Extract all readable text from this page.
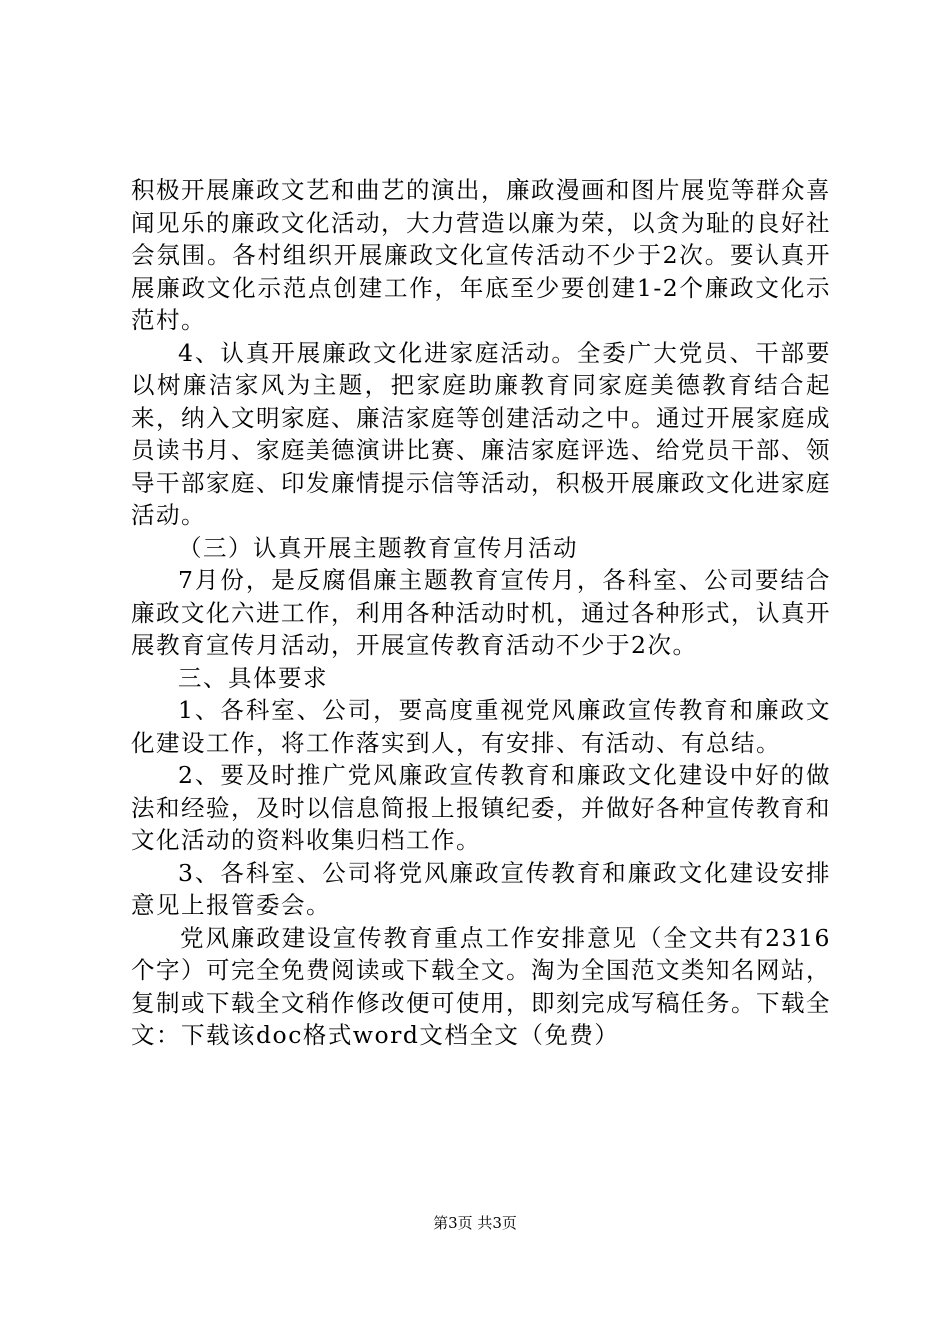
积极开展廉政文艺和曲艺的演出，廉政漫画和图片展览等群众喜闻见乐的廉政文化活动，大力营造以廉为荣，以贪为耻的良好社会氛围。各村组织开展廉政文化宣传活动不少于2次。要认真开展廉政文化示范点创建工作，年底至少要创建1-2个廉政文化示范村。

4、认真开展廉政文化进家庭活动。全委广大党员、干部要以树廉洁家风为主题，把家庭助廉教育同家庭美德教育结合起来，纳入文明家庭、廉洁家庭等创建活动之中。通过开展家庭成员读书月、家庭美德演讲比赛、廉洁家庭评选、给党员干部、领导干部家庭、印发廉情提示信等活动，积极开展廉政文化进家庭活动。

（三）认真开展主题教育宣传月活动

7月份，是反腐倡廉主题教育宣传月，各科室、公司要结合廉政文化六进工作，利用各种活动时机，通过各种形式，认真开展教育宣传月活动，开展宣传教育活动不少于2次。

三、具体要求

1、各科室、公司，要高度重视党风廉政宣传教育和廉政文化建设工作，将工作落实到人，有安排、有活动、有总结。

2、要及时推广党风廉政宣传教育和廉政文化建设中好的做法和经验，及时以信息简报上报镇纪委，并做好各种宣传教育和文化活动的资料收集归档工作。

3、各科室、公司将党风廉政宣传教育和廉政文化建设安排意见上报管委会。

党风廉政建设宣传教育重点工作安排意见（全文共有2316个字）可完全免费阅读或下载全文。淘为全国范文类知名网站，复制或下载全文稍作修改便可使用，即刻完成写稿任务。下载全文：下载该doc格式word文档全文（免费）

第3页 共3页
